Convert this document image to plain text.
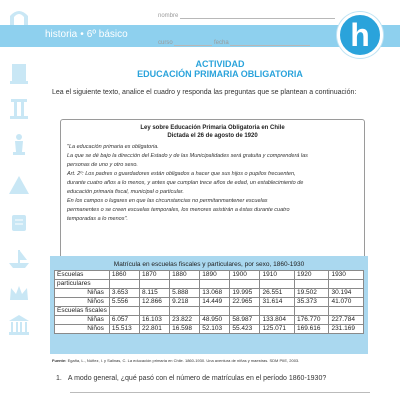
historia • 6º básico
nombre
curso	fecha	h
ACTIVIDAD
EDUCACIÓN PRIMARIA OBLIGATORIA
Lea el siguiente texto, analice el cuadro y responda las preguntas que se plantean a continuación:
Ley sobre Educación Primaria Obligatoria en Chile
Dictada el 26 de agosto de 1920
"La educación primaria es obligatoria.
La que se dé bajo la dirección del Estado y de las Municipalidades será gratuita y comprenderá las
personas de uno y otro sexo.
Art. 2º: Los padres o guardadores están obligados a hacer que sus hijos o pupilos frecuenten,
durante cuatro años a lo menos, y antes que cumplan trece años de edad, un establecimiento de
educación primaria fiscal, municipal o particular.
En los campos o lugares en que las circunstancias no permitanmantener escuelas
permanentes o se creen escuelas temporales, los menores asistirán a éstas durante cuatro
temporadas a lo menos".
Matrícula en escuelas fiscales y particulares, por sexo, 1860-1930
Escuelas	1860	1870	1880	1890	1900	1910	1920	1930
particulares								
Niñas	3.653	8.115	5.888	13.068	19.995	26.551	19.502	30.194
Niños	5.556	12.866	9.218	14.449	22.965	31.614	35.373	41.070
Escuelas fiscales								
Niñas	6.057	16.103	23.822	48.950	58.987	133.804	176.770	227.784
Niños	15.513	22.801	16.598	52.103	55.423	125.071	169.616	231.169
Fuente: Egaña, L., Núñez, I. y Salinas, C. La educación primaria en Chile. 1860-1930. Una aventura de niñas y maestras. SDM PIIE, 2003.
1. A modo general, ¿qué pasó con el número de matrículas en el período 1860-1930?
